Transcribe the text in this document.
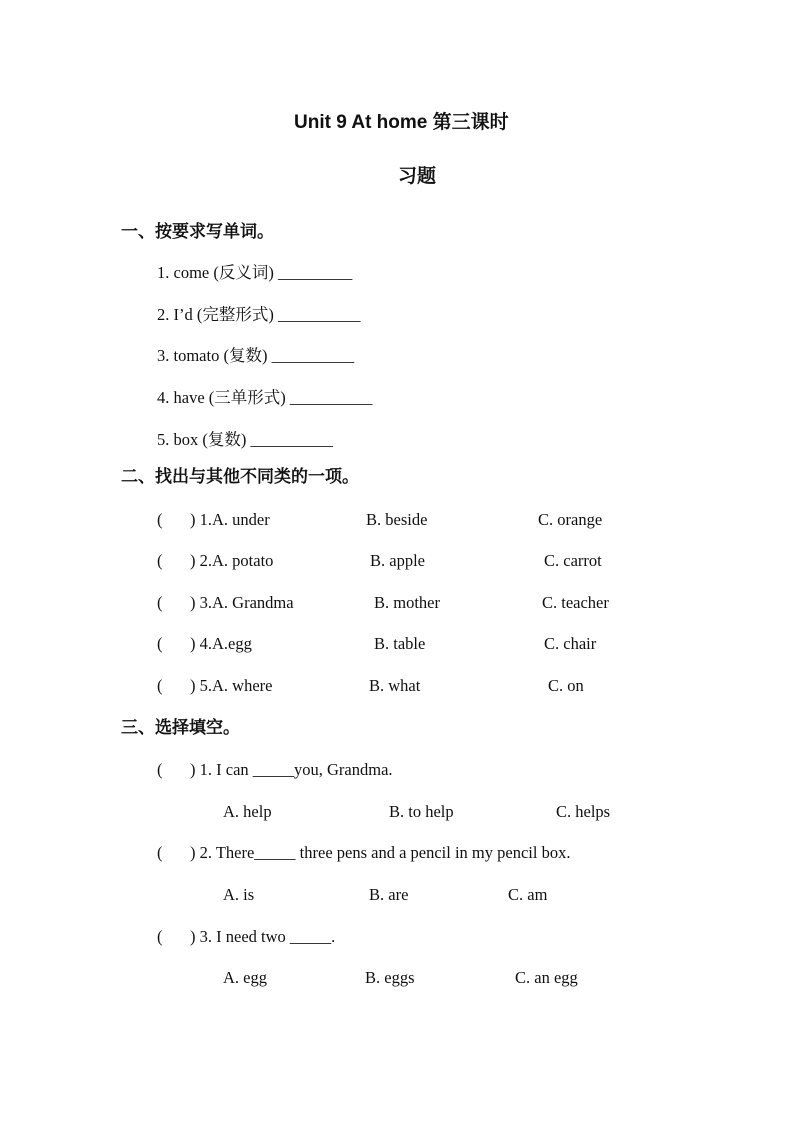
Unit 9 At home 第三课时
习题
一、按要求写单词。
1. come (反义词) _________
2. I’d (完整形式) __________
3. tomato (复数) __________
4. have (三单形式) __________
5. box (复数) __________
二、找出与其他不同类的一项。
( ) 1.A. under	B. beside	C. orange
( ) 2.A. potato	B. apple	C. carrot
( ) 3.A. Grandma	B. mother	C. teacher
( ) 4.A.egg	B. table	C. chair
( ) 5.A. where	B. what	C. on
三、选择填空。
( ) 1. I can _____you, Grandma.
A. help	B. to help	C. helps
( ) 2. There_____ three pens and a pencil in my pencil box.
A. is	B. are	C. am
( ) 3. I need two _____.
A. egg	B. eggs	C. an egg
